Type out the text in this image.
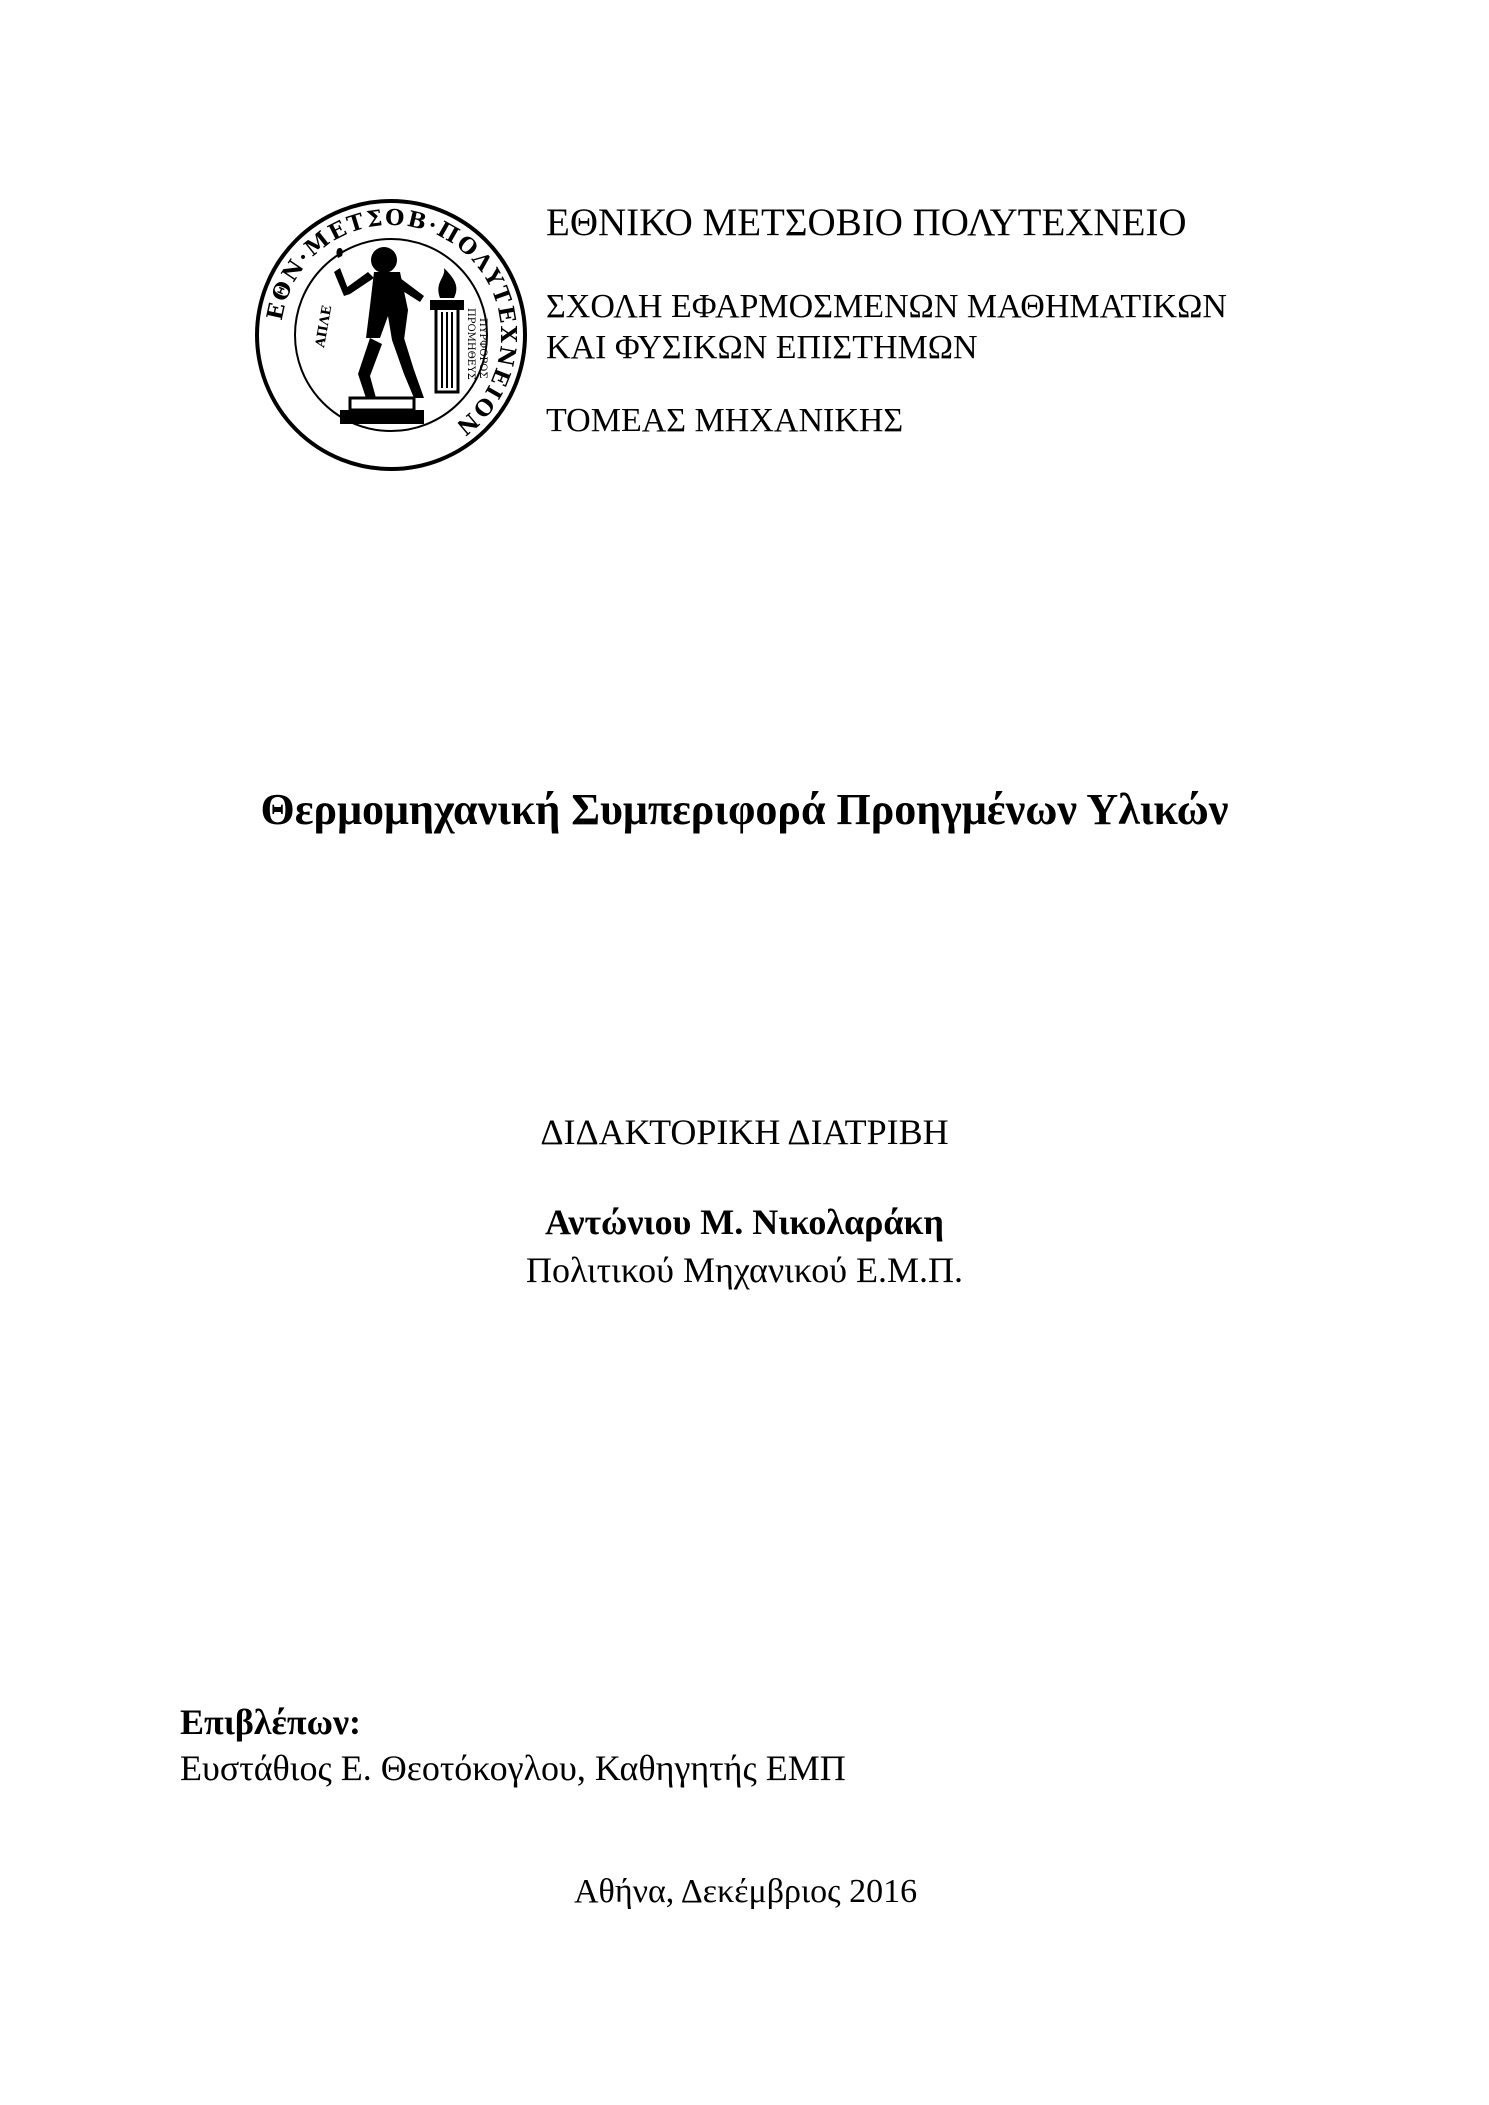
ΕΘΝ·ΜΕΤΣΟΒ·ΠΟΛΥΤΕΧΝΕΙΟΝ
ΑΠΛΕ	ΠΡΟΜΗΘΕΥΣ ΠΥΡΦΟΡΟΣ

ΕΘΝΙΚΟ ΜΕΤΣΟΒΙΟ ΠΟΛΥΤΕΧΝΕΙΟ

ΣΧΟΛΗ ΕΦΑΡΜΟΣΜΕΝΩΝ ΜΑΘΗΜΑΤΙΚΩΝ
ΚΑΙ ΦΥΣΙΚΩΝ ΕΠΙΣΤΗΜΩΝ

ΤΟΜΕΑΣ ΜΗΧΑΝΙΚΗΣ

Θερμομηχανική Συμπεριφορά Προηγμένων Υλικών
ΔΙΔΑΚΤΟΡΙΚΗ ΔΙΑΤΡΙΒΗ
Αντώνιου Μ. Νικολαράκη
Πολιτικού Μηχανικού Ε.Μ.Π.
Επιβλέπων:
Ευστάθιος Ε. Θεοτόκογλου, Καθηγητής ΕΜΠ
Αθήνα, Δεκέμβριος 2016
